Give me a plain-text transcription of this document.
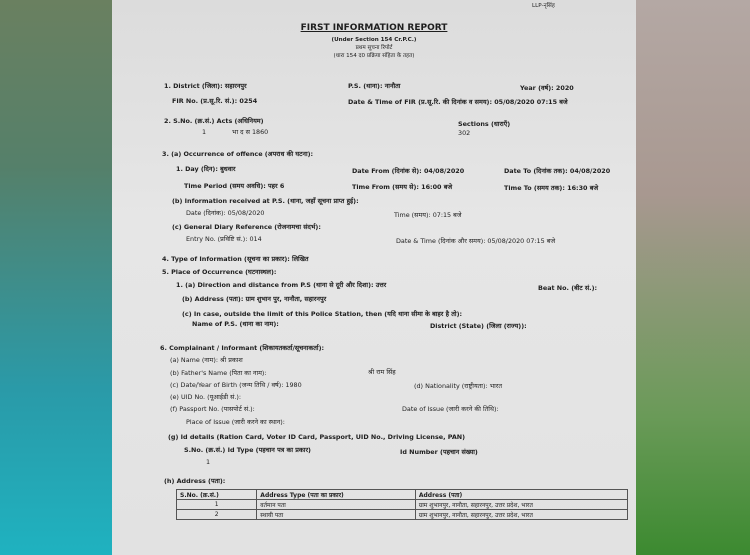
LLP-नृसिंह
FIRST INFORMATION REPORT
(Under Section 154 Cr.P.C.)
प्रथम सूचना रिपोर्ट
(धारा 154 द0 प्रक्रिया संहिता के तहत)
1. District (जिला): सहारनपुर	P.S. (थाना): नानौता	Year (वर्ष): 2020
FIR No. (प्र.सू.रि. सं.): 0254	Date & Time of FIR (प्र.सू.रि. की दिनांक व समय): 05/08/2020 07:15 बजे
2. S.No. (क्र.सं.) Acts (अधिनियम)	Sections (धाराएँ)
1	भा द स 1860	302
3. (a) Occurrence of offence (अपराध की घटना):
1. Day (दिन): बुधवार	Date From (दिनांक से): 04/08/2020	Date To (दिनांक तक): 04/08/2020
Time Period (समय अवधि): पहर 6	Time From (समय से): 16:00 बजे	Time To (समय तक): 16:30 बजे
(b) Information received at P.S. (थाना, जहाँ सूचना प्राप्त हुई):
Date (दिनांक): 05/08/2020	Time (समय): 07:15 बजे
(c) General Diary Reference (रोजनामचा संदर्भ):
Entry No. (प्रविष्टि सं.): 014	Date & Time (दिनांक और समय): 05/08/2020 07:15 बजे
4. Type of Information (सूचना का प्रकार): लिखित
5. Place of Occurrence (घटनास्थल):
1. (a) Direction and distance from P.S (थाना से दूरी और दिशा): उत्तर	Beat No. (बीट सं.):
(b) Address (पता): ग्राम शुभान पुर, नानौता, सहारनपुर
(c) In case, outside the limit of this Police Station, then (यदि थाना सीमा के बाहर है तो):
Name of P.S. (थाना का नाम):	District (State) (जिला (राज्य)):
6. Complainant / Informant (शिकायतकर्ता/सूचनाकर्ता):
(a) Name (नाम): श्री प्रकाश
(b) Father's Name (पिता का नाम):	श्री राम सिंह
(c) Date/Year of Birth (जन्म तिथि / वर्ष): 1980	(d) Nationality (राष्ट्रीयता): भारत
(e) UID No. (यूआईडी सं.):
(f) Passport No. (पासपोर्ट सं.):	Date of Issue (जारी करने की तिथि):
Place of Issue (जारी करने का स्थान):
(g) Id details (Ration Card, Voter ID Card, Passport, UID No., Driving License, PAN)
S.No. (क्र.सं.) Id Type (पहचान पत्र का प्रकार)	Id Number (पहचान संख्या)
1
(h) Address (पता):
S.No. (क्र.सं.)	Address Type (पता का प्रकार)	Address (पता)
1	वर्तमान पता	ग्राम शुभानपुर, नानौता, सहारनपुर, उत्तर प्रदेश, भारत
2	स्थायी पता	ग्राम शुभानपुर, नानौता, सहारनपुर, उत्तर प्रदेश, भारत
